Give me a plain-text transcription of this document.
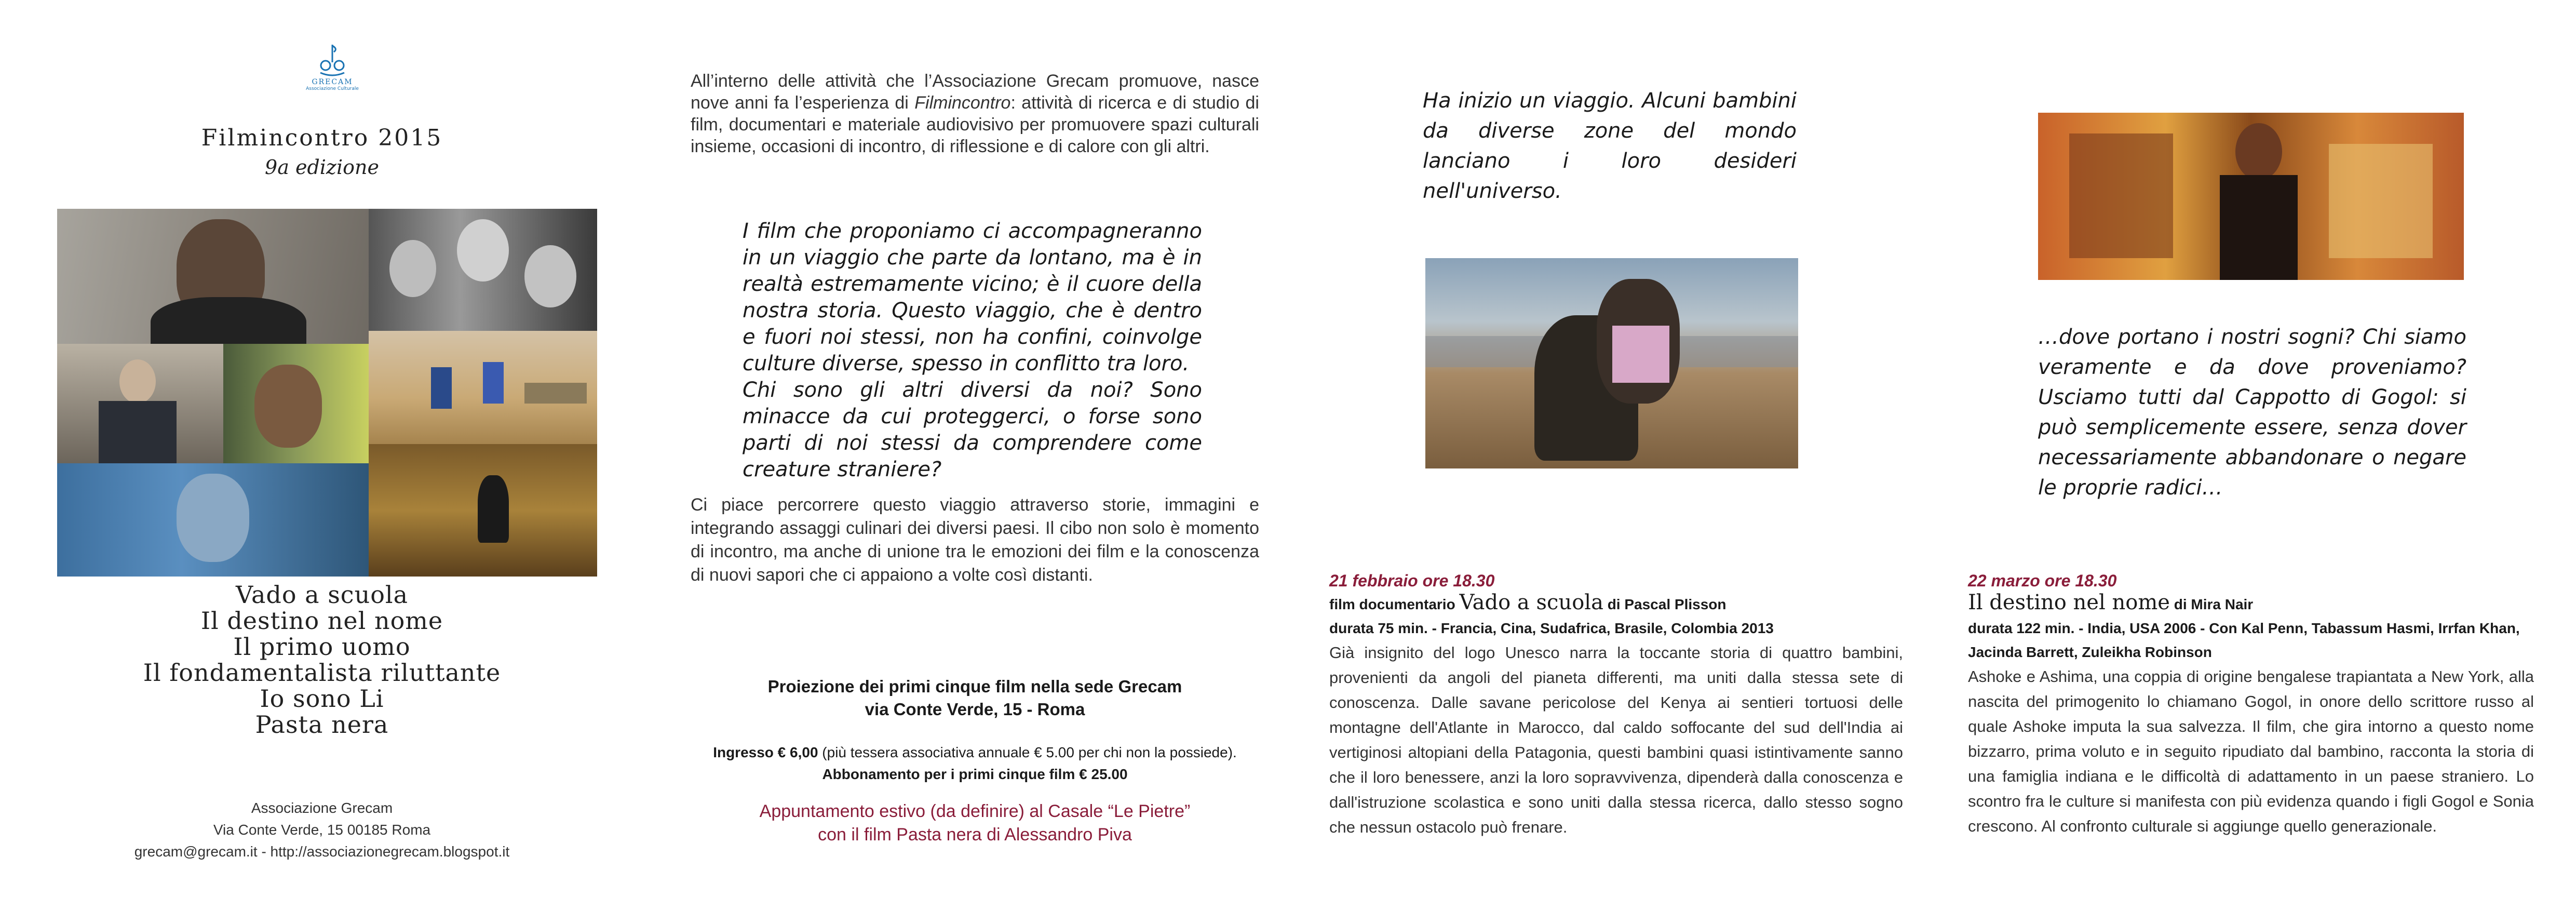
GRECAM
Associazione Culturale
Filmincontro 2015
9a edizione
Vado a scuola
Il destino nel nome
Il primo uomo
Il fondamentalista riluttante
Io sono Li
Pasta nera
Associazione Grecam
Via Conte Verde, 15 00185 Roma
grecam@grecam.it - http://associazionegrecam.blogspot.it
All’interno delle attività che l’Associazione Grecam promuove, nasce nove anni fa l’esperienza di Filmincontro: attività di ricerca e di studio di film, documentari e materiale audiovisivo per promuovere spazi culturali insieme, occasioni di incontro, di riflessione e di calore con gli altri.
I film che proponiamo ci accompagneranno in un viaggio che parte da lontano, ma è in realtà estremamente vicino; è il cuore della nostra storia. Questo viaggio, che è dentro e fuori noi stessi, non ha confini, coinvolge culture diverse, spesso in conflitto tra loro.
Chi sono gli altri diversi da noi? Sono minacce da cui proteggerci, o forse sono parti di noi stessi da comprendere come creature straniere?
Ci piace percorrere questo viaggio attraverso storie, immagini e integrando assaggi culinari dei diversi paesi. Il cibo non solo è momento di incontro, ma anche di unione tra le emozioni dei film e la conoscenza di nuovi sapori che ci appaiono a volte così distanti.
Proiezione dei primi cinque film nella sede Grecam
via Conte Verde, 15 - Roma
Ingresso € 6,00 (più tessera associativa annuale € 5.00 per chi non la possiede).
Abbonamento per i primi cinque film € 25.00
Appuntamento estivo (da definire) al Casale “Le Pietre”
con il film Pasta nera di Alessandro Piva
Ha inizio un viaggio. Alcuni bambini da diverse zone del mondo lanciano i loro desideri nell'universo.
21 febbraio ore 18.30
film documentario Vado a scuola di Pascal Plisson
durata 75 min. - Francia, Cina, Sudafrica, Brasile, Colombia 2013
Già insignito del logo Unesco narra la toccante storia di quattro bambini, provenienti da angoli del pianeta differenti, ma uniti dalla stessa sete di conoscenza. Dalle savane pericolose del Kenya ai sentieri tortuosi delle montagne dell'Atlante in Marocco, dal caldo soffocante del sud dell'India ai vertiginosi altopiani della Patagonia, questi bambini quasi istintivamente sanno che il loro benessere, anzi la loro sopravvivenza, dipenderà dalla conoscenza e dall'istruzione scolastica e sono uniti dalla stessa ricerca, dallo stesso sogno che nessun ostacolo può frenare.
…dove portano i nostri sogni? Chi siamo veramente e da dove proveniamo? Usciamo tutti dal Cappotto di Gogol: si può semplicemente essere, senza dover necessariamente abbandonare o negare le proprie radici…
22 marzo ore 18.30
Il destino nel nome di Mira Nair
durata 122 min. - India, USA 2006 - Con Kal Penn, Tabassum Hasmi, Irrfan Khan, Jacinda Barrett, Zuleikha Robinson
Ashoke e Ashima, una coppia di origine bengalese trapiantata a New York, alla nascita del primogenito lo chiamano Gogol, in onore dello scrittore russo al quale Ashoke imputa la sua salvezza. Il film, che gira intorno a questo nome bizzarro, prima voluto e in seguito ripudiato dal bambino, racconta la storia di una famiglia indiana e le difficoltà di adattamento in un paese straniero. Lo scontro fra le culture si manifesta con più evidenza quando i figli Gogol e Sonia crescono. Al confronto culturale si aggiunge quello generazionale.
